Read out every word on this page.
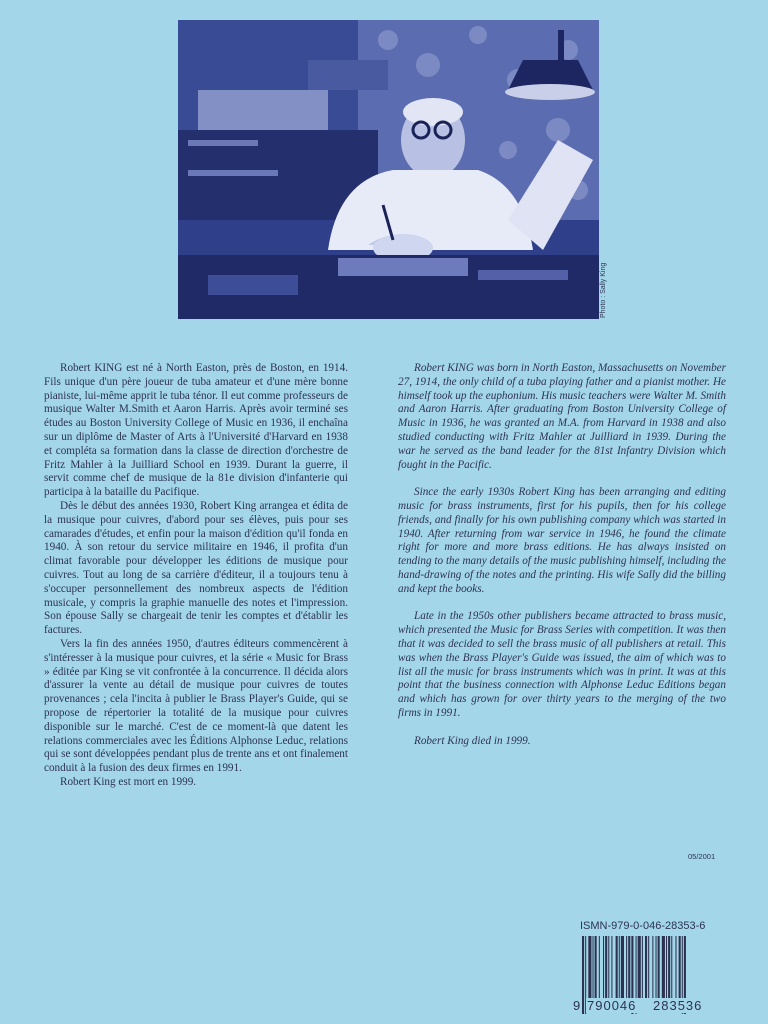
Photo : Sally King

Robert KING est né à North Easton, près de Boston, en 1914. Fils unique d'un père joueur de tuba amateur et d'une mère bonne pianiste, lui-même apprit le tuba ténor. Il eut comme professeurs de musique Walter M.Smith et Aaron Harris. Après avoir terminé ses études au Boston University College of Music en 1936, il enchaîna sur un diplôme de Master of Arts à l'Université d'Harvard en 1938 et compléta sa formation dans la classe de direction d'orchestre de Fritz Mahler à la Juilliard School en 1939. Durant la guerre, il servit comme chef de musique de la 81e division d'infanterie qui participa à la bataille du Pacifique.

Dès le début des années 1930, Robert King arrangea et édita de la musique pour cuivres, d'abord pour ses élèves, puis pour ses camarades d'études, et enfin pour la maison d'édition qu'il fonda en 1940. À son retour du service militaire en 1946, il profita d'un climat favorable pour développer les éditions de musique pour cuivres. Tout au long de sa carrière d'éditeur, il a toujours tenu à s'occuper personnellement des nombreux aspects de l'édition musicale, y compris la graphie manuelle des notes et l'impression. Son épouse Sally se chargeait de tenir les comptes et d'établir les factures.

Vers la fin des années 1950, d'autres éditeurs commencèrent à s'intéresser à la musique pour cuivres, et la série « Music for Brass » éditée par King se vit confrontée à la concurrence. Il décida alors d'assurer la vente au détail de musique pour cuivres de toutes provenances ; cela l'incita à publier le Brass Player's Guide, qui se propose de répertorier la totalité de la musique pour cuivres disponible sur le marché. C'est de ce moment-là que datent les relations commerciales avec les Éditions Alphonse Leduc, relations qui se sont développées pendant plus de trente ans et ont finalement conduit à la fusion des deux firmes en 1991.

Robert King est mort en 1999.

Robert KING was born in North Easton, Massachusetts on November 27, 1914, the only child of a tuba playing father and a pianist mother. He himself took up the euphonium. His music teachers were Walter M. Smith and Aaron Harris. After graduating from Boston University College of Music in 1936, he was granted an M.A. from Harvard in 1938 and also studied conducting with Fritz Mahler at Juilliard in 1939. During the war he served as the band leader for the 81st Infantry Division which fought in the Pacific.

Since the early 1930s Robert King has been arranging and editing music for brass instruments, first for his pupils, then for his college friends, and finally for his own publishing company which was started in 1940. After returning from war service in 1946, he found the climate right for more and more brass editions. He has always insisted on tending to the many details of the music publishing himself, including the hand-drawing of the notes and the printing. His wife Sally did the billing and kept the books.

Late in the 1950s other publishers became attracted to brass music, which presented the Music for Brass Series with competition. It was then that it was decided to sell the brass music of all publishers at retail. This was when the Brass Player's Guide was issued, the aim of which was to list all the music for brass instruments which was in print. It was at this point that the business connection with Alphonse Leduc Editions began and which has grown for over thirty years to the merging of the two firms in 1991.

Robert King died in 1999.

05/2001
ISMN-979-0-046-28353-6
9 790046 283536
